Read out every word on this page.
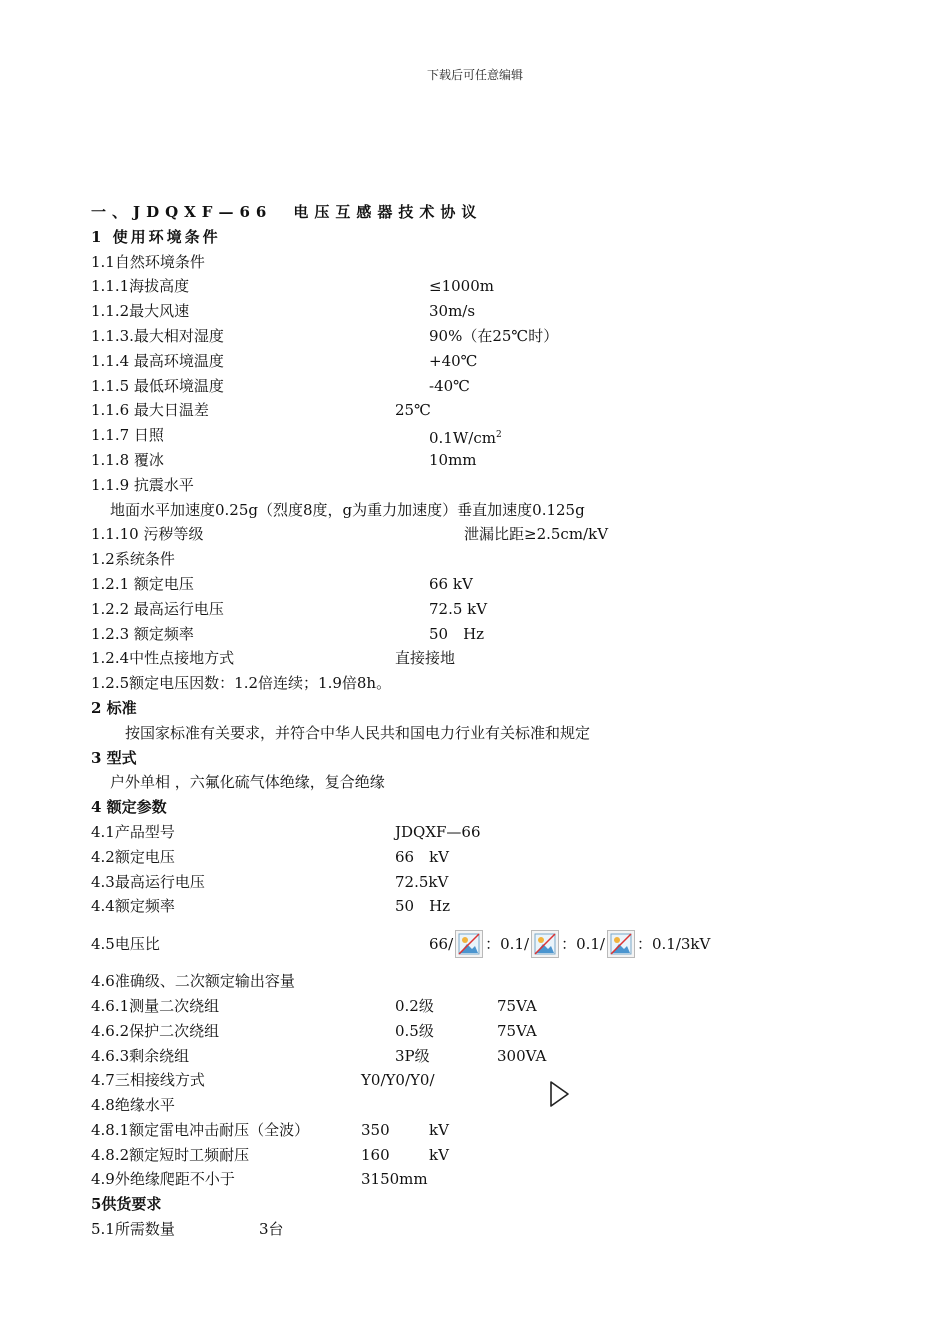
下载后可任意编辑
一、JDQXF—66　电压互感器技术协议
1 使用环境条件
1.1自然环境条件
1.1.1海拔高度	≤1000m
1.1.2最大风速	30m/s
1.1.3.最大相对湿度	90%（在25℃时）
1.1.4 最高环境温度	+40℃
1.1.5 最低环境温度	-40℃
1.1.6 最大日温差	25℃
1.1.7 日照	$0.1W/cm^2$
1.1.8 覆冰	10mm
1.1.9 抗震水平
地面水平加速度0.25g（烈度8度，g为重力加速度）垂直加速度0.125g
1.1.10 污秽等级	泄漏比距≥2.5cm/kV
1.2系统条件
1.2.1 额定电压	66 kV
1.2.2 最高运行电压	72.5 kV
1.2.3 额定频率	50　Hz
1.2.4中性点接地方式	直接接地
1.2.5额定电压因数：1.2倍连续；1.9倍8h。
2 标准
按国家标准有关要求，并符合中华人民共和国电力行业有关标准和规定
3 型式
户外单相 ，六氟化硫气体绝缘，复合绝缘
4 额定参数
4.1产品型号	JDQXF—66
4.2额定电压	66　kV
4.3最高运行电压	72.5kV
4.4额定频率	50　Hz
4.5电压比	66/ ：0.1/ ：0.1/ ：0.1/3kV
4.6准确级、二次额定输出容量
4.6.1测量二次绕组	0.2级	75VA
4.6.2保护二次绕组	0.5级	75VA
4.6.3剩余绕组	3P级	300VA
4.7三相接线方式	Y0/Y0/Y0/
4.8绝缘水平
4.8.1额定雷电冲击耐压（全波）	350	kV
4.8.2额定短时工频耐压	160	kV
4.9外绝缘爬距不小于	3150mm
5供货要求
5.1所需数量	3台
